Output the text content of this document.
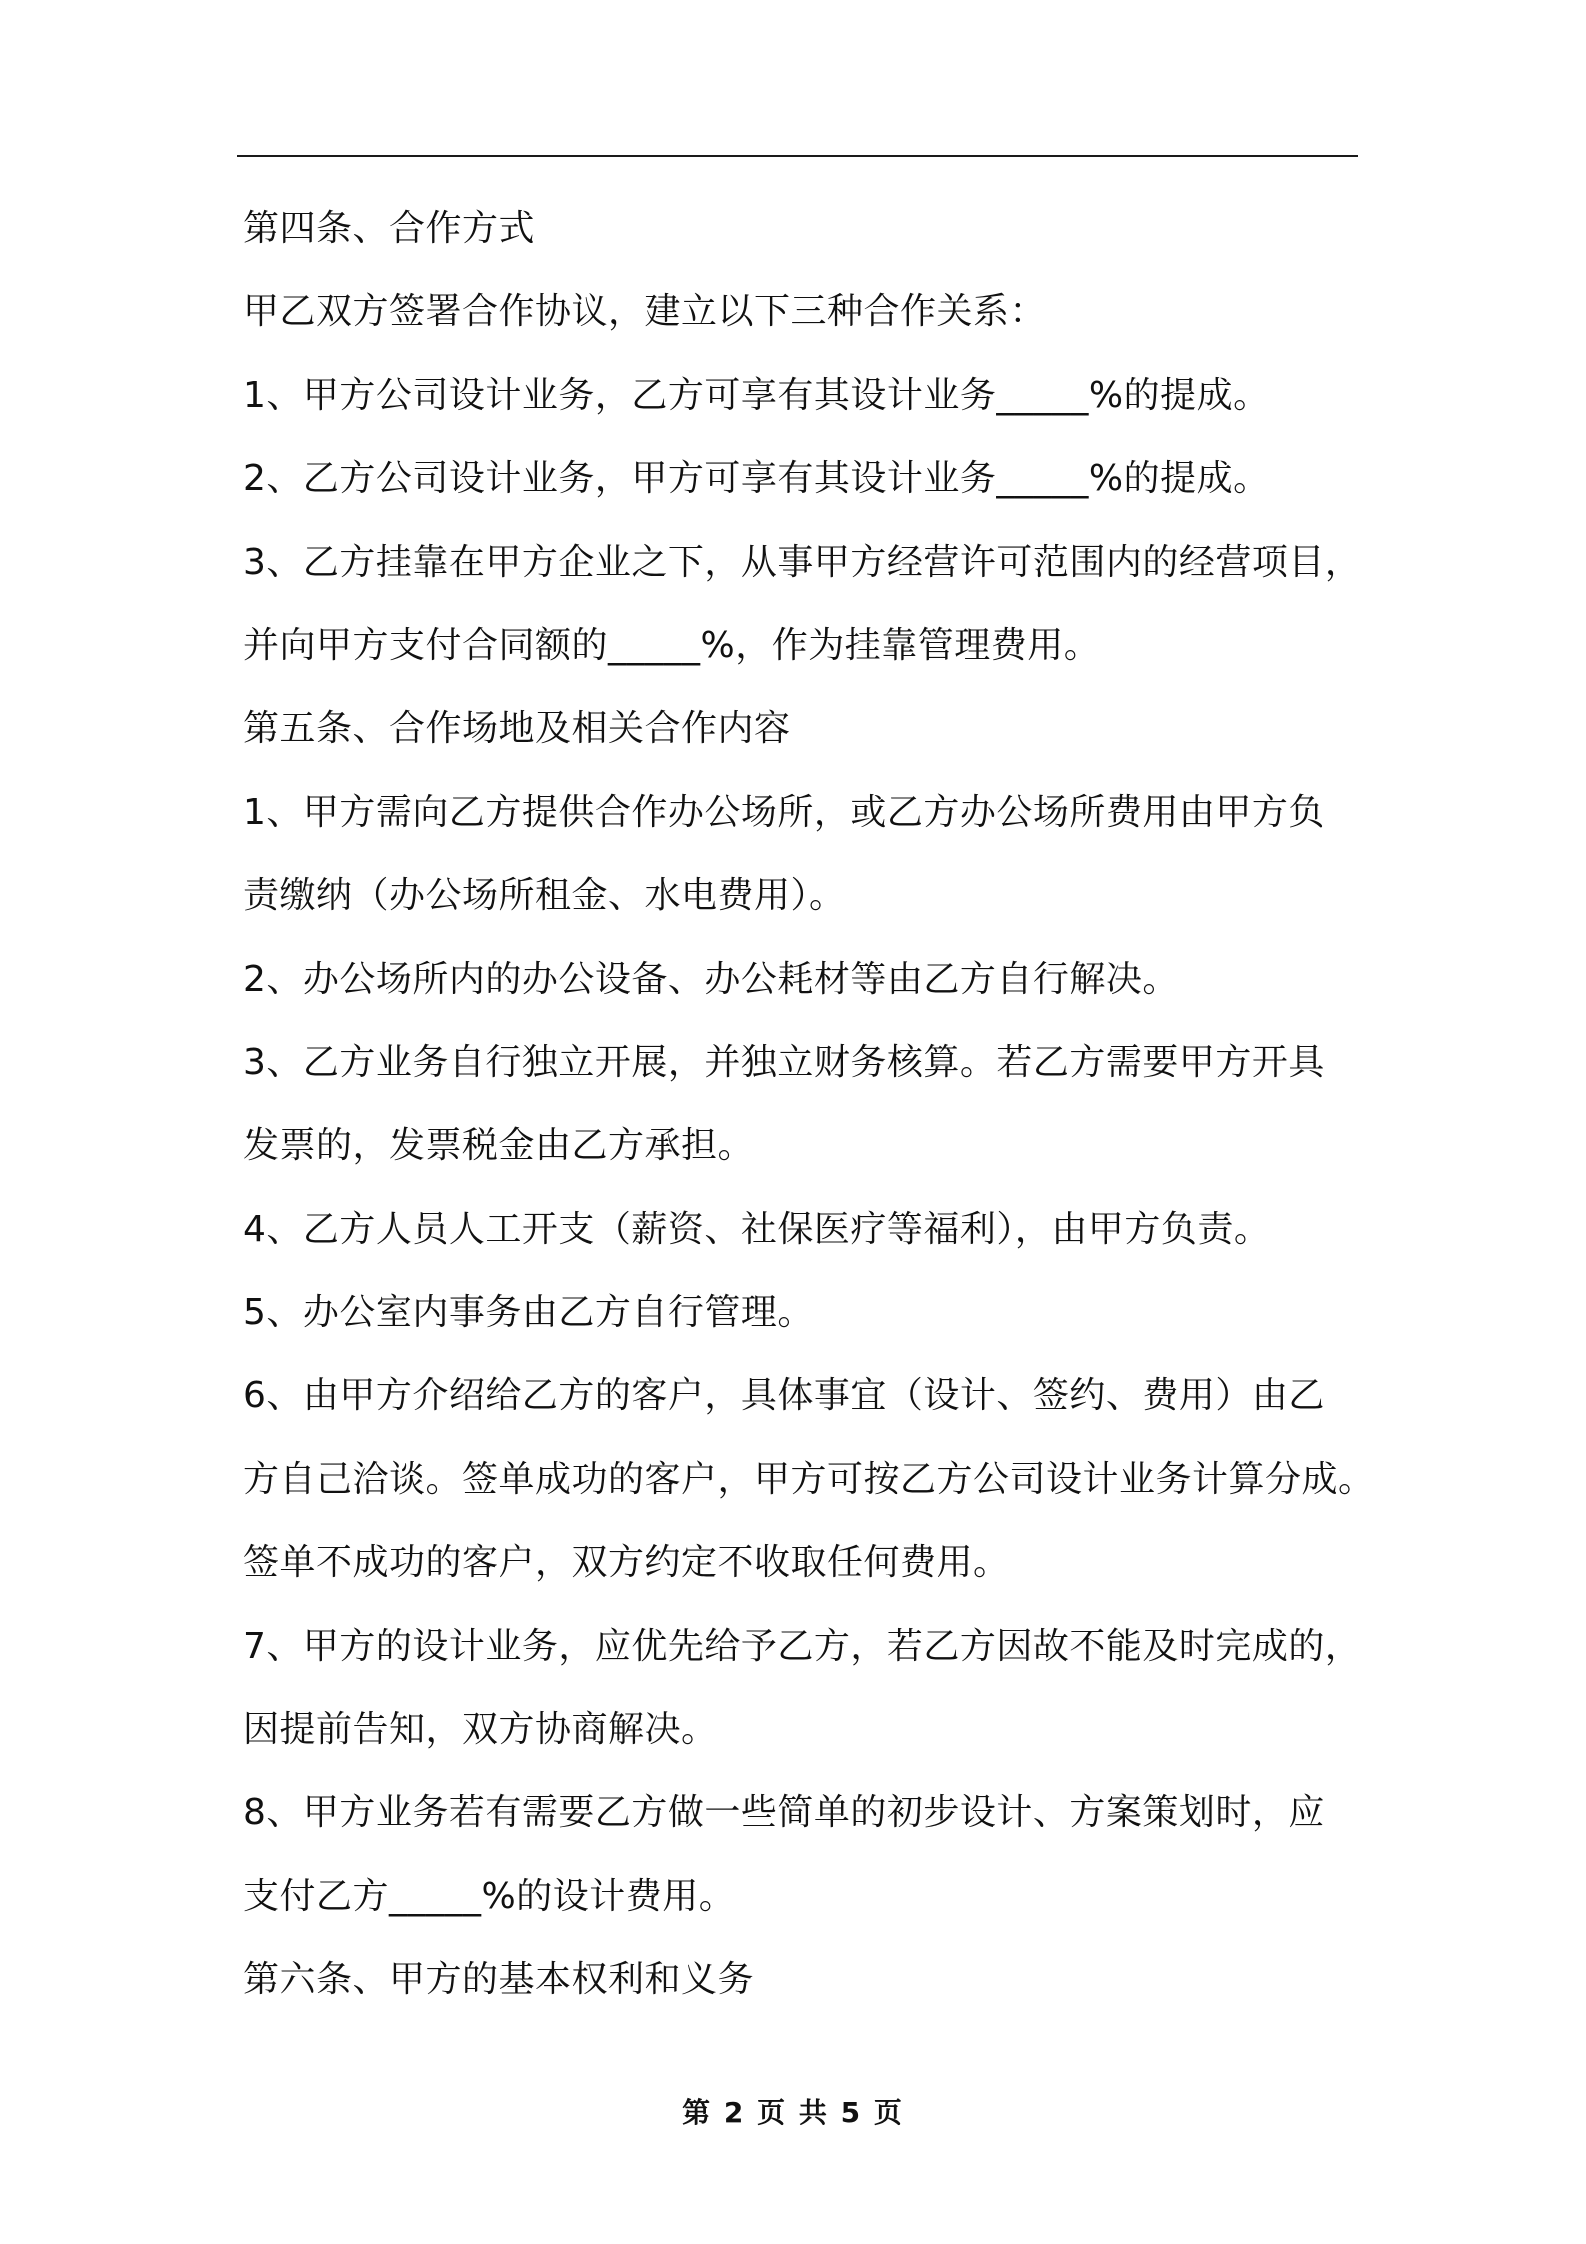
第四条、合作方式

甲乙双方签署合作协议，建立以下三种合作关系：

1、甲方公司设计业务，乙方可享有其设计业务_____%的提成。

2、乙方公司设计业务，甲方可享有其设计业务_____%的提成。

3、乙方挂靠在甲方企业之下，从事甲方经营许可范围内的经营项目，

并向甲方支付合同额的_____%，作为挂靠管理费用。

第五条、合作场地及相关合作内容

1、甲方需向乙方提供合作办公场所，或乙方办公场所费用由甲方负

责缴纳（办公场所租金、水电费用）。

2、办公场所内的办公设备、办公耗材等由乙方自行解决。

3、乙方业务自行独立开展，并独立财务核算。若乙方需要甲方开具

发票的，发票税金由乙方承担。

4、乙方人员人工开支（薪资、社保医疗等福利），由甲方负责。

5、办公室内事务由乙方自行管理。

6、由甲方介绍给乙方的客户，具体事宜（设计、签约、费用）由乙

方自己洽谈。签单成功的客户，甲方可按乙方公司设计业务计算分成。

签单不成功的客户，双方约定不收取任何费用。

7、甲方的设计业务，应优先给予乙方，若乙方因故不能及时完成的，

因提前告知，双方协商解决。

8、甲方业务若有需要乙方做一些简单的初步设计、方案策划时，应

支付乙方_____%的设计费用。

第六条、甲方的基本权利和义务

第 2 页 共 5 页
